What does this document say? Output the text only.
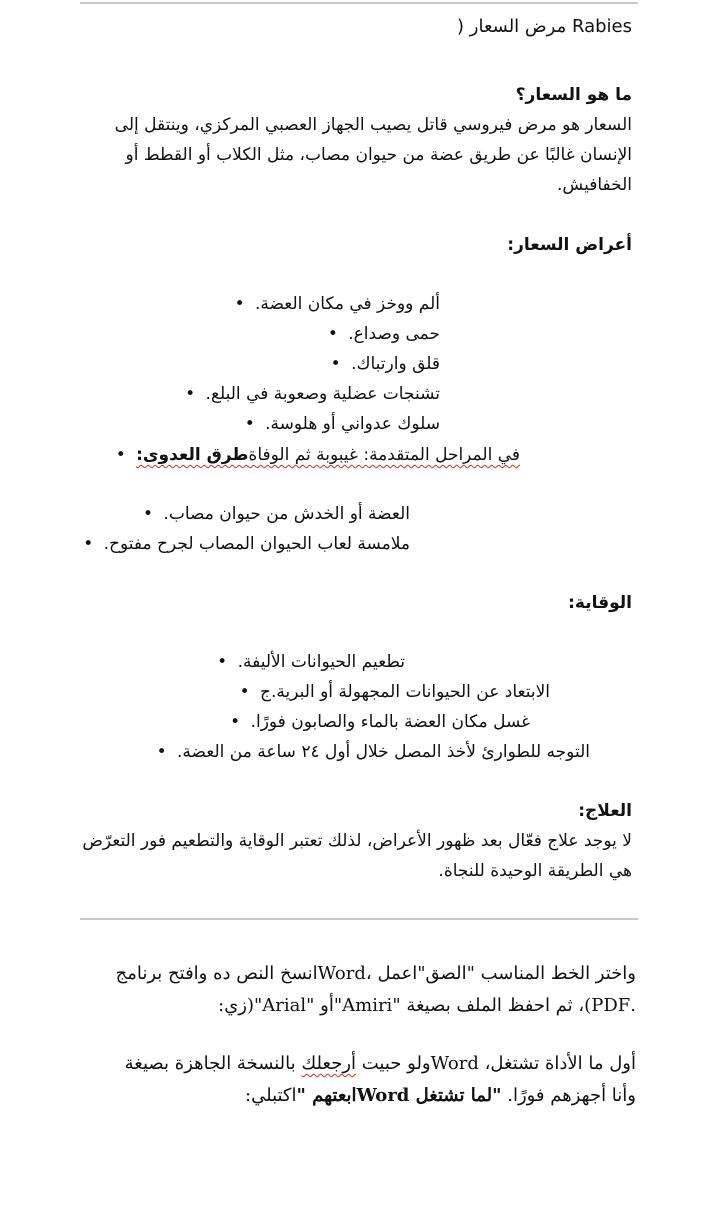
Rabies مرض السعار (
ما هو السعار؟
السعار هو مرض فيروسي قاتل يصيب الجهاز العصبي المركزي، وينتقل إلى الإنسان غالبًا عن طريق عضة من حيوان مصاب، مثل الكلاب أو القطط أو الخفافيش.
أعراض السعار:
ألم ووخز في مكان العضة. •
حمى وصداع. •
قلق وارتباك. •
تشنجات عضلية وصعوبة في البلع. •
سلوك عدواني أو هلوسة. •
في المراحل المتقدمة: غيبوبة ثم الوفاةطرق العدوى: •
العضة أو الخدش من حيوان مصاب. •
ملامسة لعاب الحيوان المصاب لجرح مفتوح. •
الوقاية:
تطعيم الحيوانات الأليفة. •
الابتعاد عن الحيوانات المجهولة أو البرية.ج •
غسل مكان العضة بالماء والصابون فورًا. •
التوجه للطوارئ لأخذ المصل خلال أول ٢٤ ساعة من العضة. •
العلاج:
لا يوجد علاج فعّال بعد ظهور الأعراض، لذلك تعتبر الوقاية والتطعيم فور التعرّض هي الطريقة الوحيدة للنجاة.
واختر الخط المناسب "الصق"اعمل ،Wordانسخ النص ده وافتح برنامج
.PDF)، ثم احفظ الملف بصيغة "Amiri"أو "Arial"(زي:
أول ما الأداة تشتغل، Wordولو حبيت أرجعلك بالنسخة الجاهزة بصيغة
وأنا أجهزهم فورًا. "لما تشتغل Wordابعتهم "اكتبلي:
